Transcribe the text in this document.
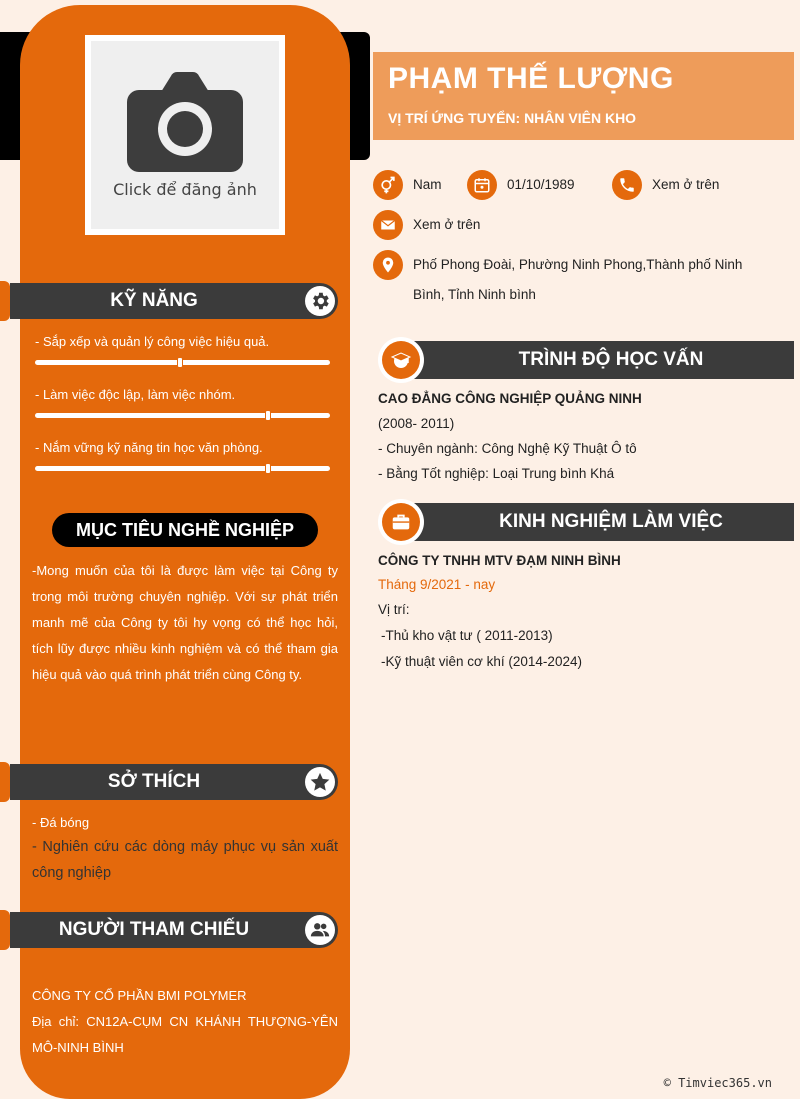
Click để đăng ảnh
KỸ NĂNG
- Sắp xếp và quản lý công việc hiệu quả.
- Làm việc độc lập, làm việc nhóm.
- Nắm vững kỹ năng tin học văn phòng.
MỤC TIÊU NGHỀ NGHIỆP
-Mong muốn của tôi là được làm việc tại Công ty trong môi trường chuyên nghiệp. Với sự phát triển manh mẽ của Công ty tôi hy vọng có thể học hỏi, tích lũy được nhiều kinh nghiệm và có thể tham gia hiệu quả vào quá trình phát triển cùng Công ty.
SỞ THÍCH
- Đá bóng
- Nghiên cứu các dòng máy phục vụ sản xuất công nghiệp
NGƯỜI THAM CHIẾU
CÔNG TY CỔ PHẦN BMI POLYMER
Địa chỉ: CN12A-CỤM CN KHÁNH THƯỢNG-YÊN MÔ-NINH BÌNH
PHẠM THẾ LƯỢNG
VỊ TRÍ ỨNG TUYỂN: NHÂN VIÊN KHO
Nam	01/10/1989	Xem ở trên
Xem ở trên
Phố Phong Đoài, Phường Ninh Phong,Thành phố Ninh
Bình, Tỉnh Ninh bình
TRÌNH ĐỘ HỌC VẤN
CAO ĐẲNG CÔNG NGHIỆP QUẢNG NINH
(2008- 2011)
- Chuyên ngành: Công Nghệ Kỹ Thuật Ô tô
- Bằng Tốt nghiệp: Loại Trung bình Khá
KINH NGHIỆM LÀM VIỆC
CÔNG TY TNHH MTV ĐẠM NINH BÌNH
Tháng 9/2021 - nay
Vị trí:
-Thủ kho vật tư ( 2011-2013)
-Kỹ thuật viên cơ khí (2014-2024)
© Timviec365.vn
